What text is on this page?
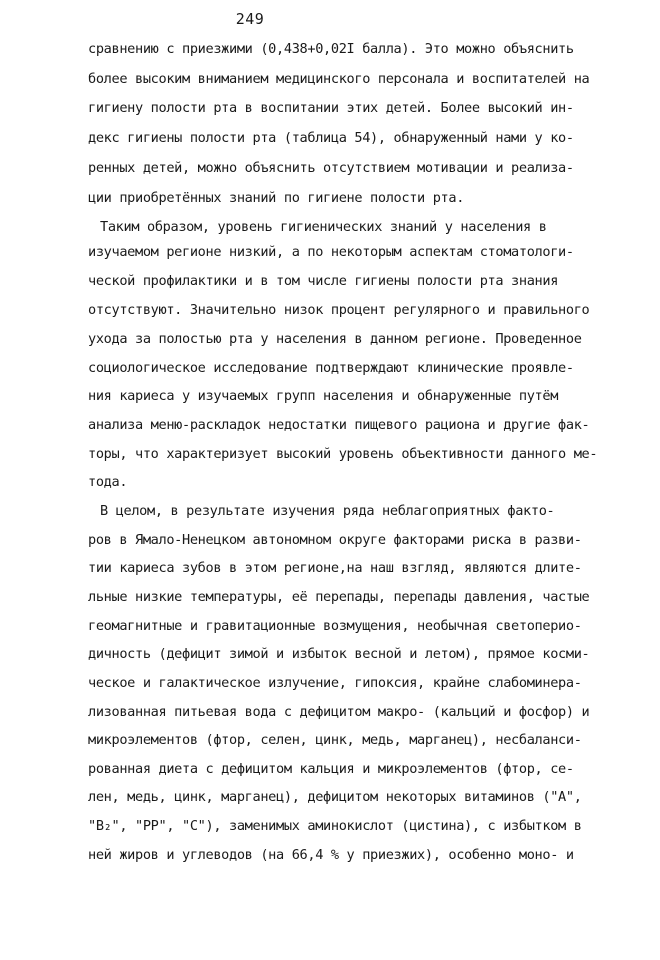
249
сравнению с приезжими (0,438+0,02I балла). Это можно объяснить
более высоким вниманием медицинского персонала и воспитателей на
гигиену полости рта в воспитании этих детей. Более высокий ин-
декс гигиены полости рта (таблица 54), обнаруженный нами у ко-
ренных детей, можно объяснить отсутствием мотивации и реализа-
ции приобретённых знаний по гигиене полости рта.
Таким образом, уровень гигиенических знаний у населения в
изучаемом регионе низкий, а по некоторым аспектам стоматологи-
ческой профилактики и в том числе гигиены полости рта знания
отсутствуют. Значительно низок процент регулярного и правильного
ухода за полостью рта у населения в данном регионе. Проведенное
социологическое исследование подтверждают клинические проявле-
ния кариеса у изучаемых групп населения и обнаруженные путём
анализа меню-раскладок недостатки пищевого рациона и другие фак-
торы, что характеризует высокий уровень объективности данного ме-
тода.
В целом, в результате изучения ряда неблагоприятных факто-
ров в Ямало-Ненецком автономном округе факторами риска в разви-
тии кариеса зубов в этом регионе,на наш взгляд, являются длите-
льные низкие температуры, её перепады, перепады давления, частые
геомагнитные и гравитационные возмущения, необычная светоперио-
дичность (дефицит зимой и избыток весной и летом), прямое косми-
ческое и галактическое излучение, гипоксия, крайне слабоминера-
лизованная питьевая вода с дефицитом макро- (кальций и фосфор) и
микроэлементов (фтор, селен, цинк, медь, марганец), несбаланси-
рованная диета с дефицитом кальция и микроэлементов (фтор, се-
лен, медь, цинк, марганец), дефицитом некоторых витаминов ("А",
"B₂", "PP", "C"), заменимых аминокислот (цистина), с избытком в
ней жиров и углеводов (на 66,4 % у приезжих), особенно моно- и
